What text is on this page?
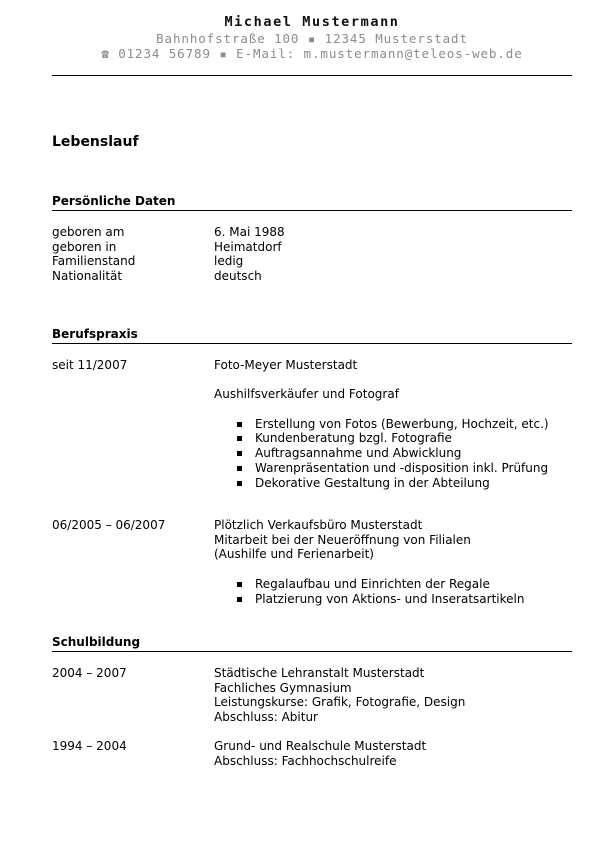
Michael Mustermann
Bahnhofstraße 100 ▪ 12345 Musterstadt
☎ 01234 56789 ▪ E-Mail: m.mustermann@teleos-web.de
Lebenslauf
Persönliche Daten
geboren am	6. Mai 1988
geboren in	Heimatdorf
Familienstand	ledig
Nationalität	deutsch
Berufspraxis
seit 11/2007	Foto-Meyer Musterstadt
Aushilfsverkäufer und Fotograf
Erstellung von Fotos (Bewerbung, Hochzeit, etc.)
Kundenberatung bzgl. Fotografie
Auftragsannahme und Abwicklung
Warenpräsentation und -disposition inkl. Prüfung
Dekorative Gestaltung in der Abteilung
06/2005 – 06/2007	Plötzlich Verkaufsbüro Musterstadt
Mitarbeit bei der Neueröffnung von Filialen
(Aushilfe und Ferienarbeit)
Regalaufbau und Einrichten der Regale
Platzierung von Aktions- und Inseratsartikeln
Schulbildung
2004 – 2007	Städtische Lehranstalt Musterstadt
Fachliches Gymnasium
Leistungskurse: Grafik, Fotografie, Design
Abschluss: Abitur
1994 – 2004	Grund- und Realschule Musterstadt
Abschluss: Fachhochschulreife
